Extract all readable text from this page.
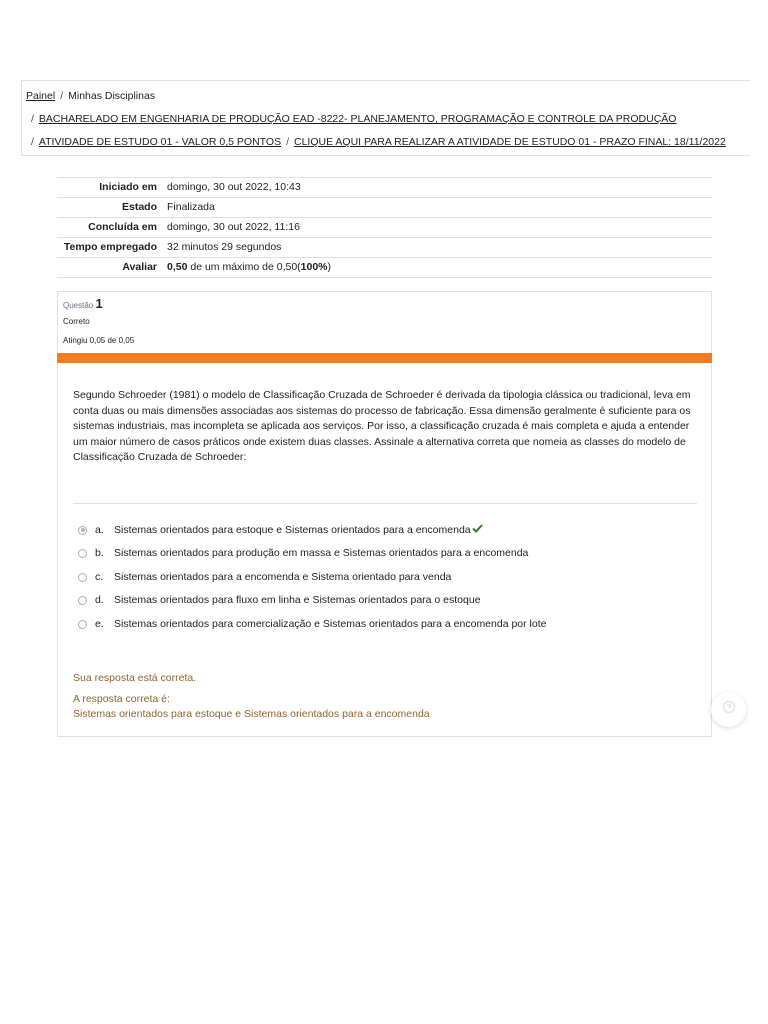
Painel / Minhas Disciplinas
/ BACHARELADO EM ENGENHARIA DE PRODUÇÃO EAD -8222- PLANEJAMENTO, PROGRAMAÇÃO E CONTROLE DA PRODUÇÃO
/ ATIVIDADE DE ESTUDO 01 - VALOR 0,5 PONTOS / CLIQUE AQUI PARA REALIZAR A ATIVIDADE DE ESTUDO 01 - PRAZO FINAL: 18/11/2022
Iniciado em	domingo, 30 out 2022, 10:43
Estado	Finalizada
Concluída em	domingo, 30 out 2022, 11:16
Tempo empregado	32 minutos 29 segundos
Avaliar	0,50 de um máximo de 0,50(100%)
Questão 1
Correto
Atingiu 0,05 de 0,05
Segundo Schroeder (1981) o modelo de Classificação Cruzada de Schroeder é derivada da tipologia clássica ou tradicional, leva em conta duas ou mais dimensões associadas aos sistemas do processo de fabricação. Essa dimensão geralmente é suficiente para os sistemas industriais, mas incompleta se aplicada aos serviços. Por isso, a classificação cruzada é mais completa e ajuda a entender um maior número de casos práticos onde existem duas classes. Assinale a alternativa correta que nomeia as classes do modelo de Classificação Cruzada de Schroeder:
a. Sistemas orientados para estoque e Sistemas orientados para a encomenda
b. Sistemas orientados para produção em massa e Sistemas orientados para a encomenda
c.	Sistemas orientados para a encomenda e Sistema orientado para venda
d. Sistemas orientados para fluxo em linha e Sistemas orientados para o estoque
e. Sistemas orientados para comercialização e Sistemas orientados para a encomenda por lote
Sua resposta está correta.
A resposta correta é:
Sistemas orientados para estoque e Sistemas orientados para a encomenda
